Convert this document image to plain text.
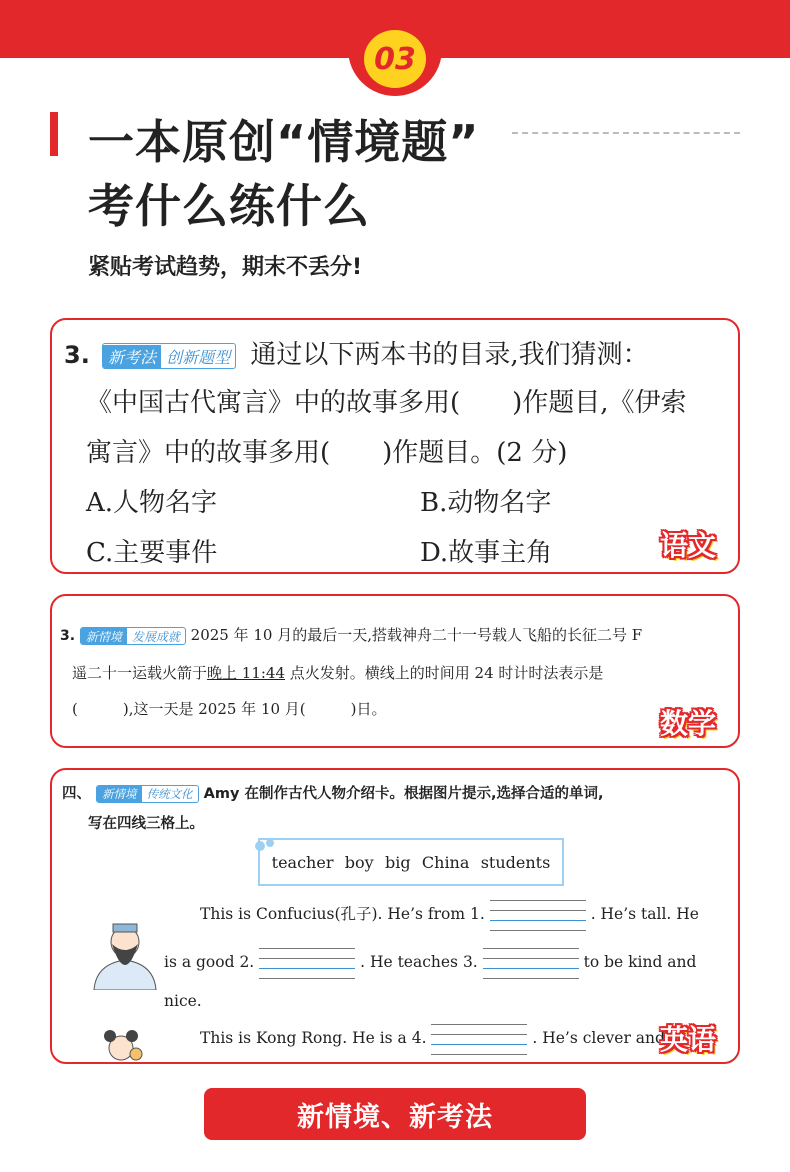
03
一本原创“情境题”
考什么练什么
紧贴考试趋势，期末不丢分!
3.	新考法 创新题型 通过以下两本书的目录,我们猜测：
《中国古代寓言》中的故事多用(　　)作题目,《伊索
寓言》中的故事多用(　　)作题目。(2 分)
A.人物名字	B.动物名字
C.主要事件	D.故事主角	语文
3. 新情境 发展成就 2025 年 10 月的最后一天,搭载神舟二十一号载人飞船的长征二号 F
遥二十一运载火箭于晚上 11:44 点火发射。横线上的时间用 24 时计时法表示是
(　　　),这一天是 2025 年 10 月(　　　)日。	数学
四、 新情境 传统文化 Amy 在制作古代人物介绍卡。根据图片提示,选择合适的单词,
写在四线三格上。
teacher boy big China students
This is Confucius(孔子). He’s from 1.	. He’s tall. He
is a good 2.	. He teaches 3.	to be kind and
nice.
This is Kong Rong. He is a 4.	. He’s clever and k
英语
新情境、新考法
